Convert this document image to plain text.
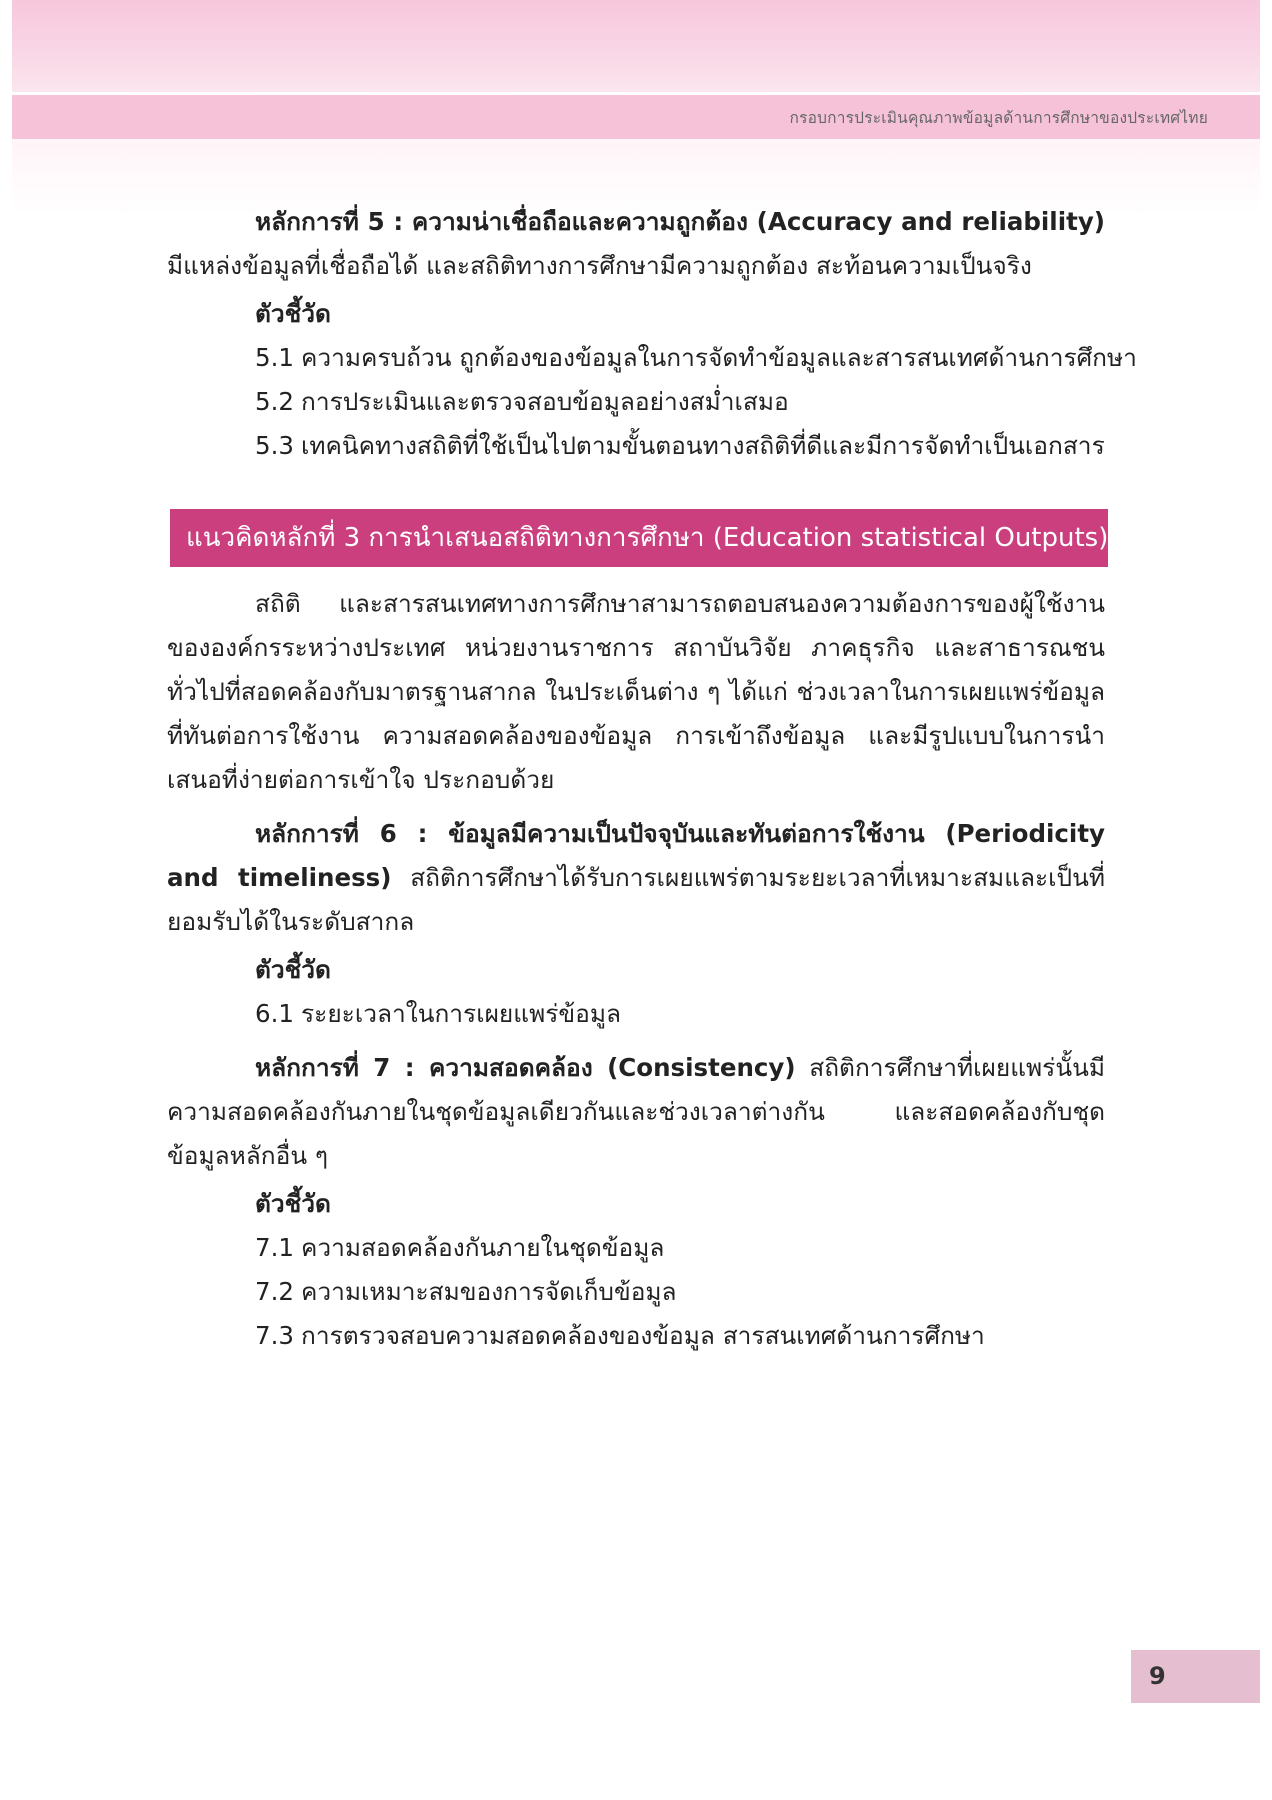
กรอบการประเมินคุณภาพข้อมูลด้านการศึกษาของประเทศไทย

หลักการที่ 5 : ความน่าเชื่อถือและความถูกต้อง (Accuracy and reliability) มีแหล่งข้อมูลที่เชื่อถือได้ และสถิติทางการศึกษามีความถูกต้อง สะท้อนความเป็นจริง

ตัวชี้วัด
5.1 ความครบถ้วน ถูกต้องของข้อมูลในการจัดทำข้อมูลและสารสนเทศด้านการศึกษา
5.2 การประเมินและตรวจสอบข้อมูลอย่างสม่ำเสมอ
5.3 เทคนิคทางสถิติที่ใช้เป็นไปตามขั้นตอนทางสถิติที่ดีและมีการจัดทำเป็นเอกสาร

สถิติ และสารสนเทศทางการศึกษาสามารถตอบสนองความต้องการของผู้ใช้งานขององค์กรระหว่างประเทศ หน่วยงานราชการ สถาบันวิจัย ภาคธุรกิจ และสาธารณชนทั่วไปที่สอดคล้องกับมาตรฐานสากล ในประเด็นต่าง ๆ ได้แก่ ช่วงเวลาในการเผยแพร่ข้อมูลที่ทันต่อการใช้งาน ความสอดคล้องของข้อมูล การเข้าถึงข้อมูล และมีรูปแบบในการนำเสนอที่ง่ายต่อการเข้าใจ ประกอบด้วย

หลักการที่ 6 : ข้อมูลมีความเป็นปัจจุบันและทันต่อการใช้งาน (Periodicity and timeliness) สถิติการศึกษาได้รับการเผยแพร่ตามระยะเวลาที่เหมาะสมและเป็นที่ยอมรับได้ในระดับสากล

ตัวชี้วัด
6.1 ระยะเวลาในการเผยแพร่ข้อมูล

หลักการที่ 7 : ความสอดคล้อง (Consistency) สถิติการศึกษาที่เผยแพร่นั้นมีความสอดคล้องกันภายในชุดข้อมูลเดียวกันและช่วงเวลาต่างกัน และสอดคล้องกับชุดข้อมูลหลักอื่น ๆ

ตัวชี้วัด
7.1 ความสอดคล้องกันภายในชุดข้อมูล
7.2 ความเหมาะสมของการจัดเก็บข้อมูล
7.3 การตรวจสอบความสอดคล้องของข้อมูล สารสนเทศด้านการศึกษา
แนวคิดหลักที่ 3 การนำเสนอสถิติทางการศึกษา (Education statistical Outputs)
9
